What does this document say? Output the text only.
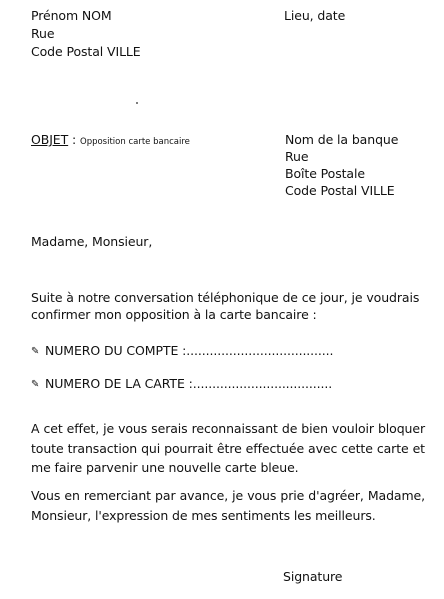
Prénom NOM
Rue
Code Postal VILLE
Lieu, date
OBJET : Opposition carte bancaire	Nom de la banque
Rue
Boîte Postale
Code Postal VILLE
Madame, Monsieur,
Suite à notre conversation téléphonique de ce jour, je voudrais
confirmer mon opposition à la carte bancaire :
✎ NUMERO DU COMPTE :......................................
✎ NUMERO DE LA CARTE :....................................
A cet effet, je vous serais reconnaissant de bien vouloir bloquer toute transaction qui pourrait être effectuée avec cette carte et me faire parvenir une nouvelle carte bleue.
Vous en remerciant par avance, je vous prie d'agréer, Madame, Monsieur, l'expression de mes sentiments les meilleurs.
Signature
